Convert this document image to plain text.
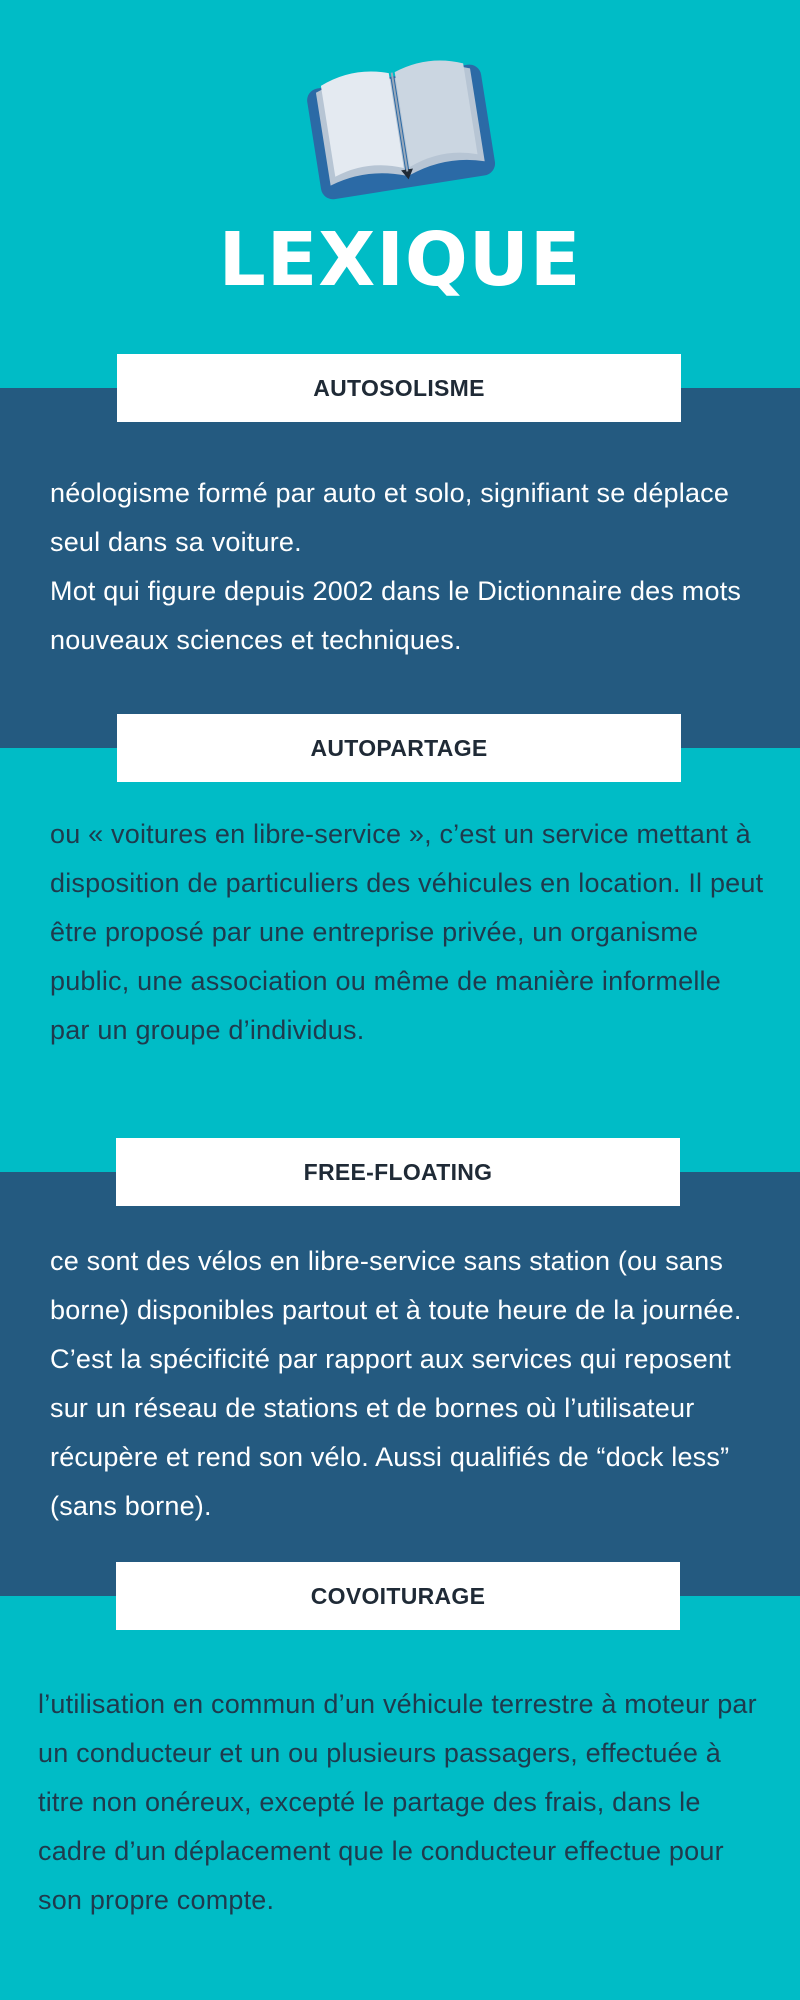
LEXIQUE
AUTOSOLISME
AUTOPARTAGE
FREE-FLOATING
COVOITURAGE

néologisme formé par auto et solo, signifiant se déplace seul dans sa voiture.
Mot qui figure depuis 2002 dans le Dictionnaire des mots nouveaux sciences et techniques.

ou « voitures en libre-service », c’est un service mettant à disposition de particuliers des véhicules en location. Il peut être proposé par une entreprise privée, un organisme public, une association ou même de manière informelle par un groupe d’individus.

ce sont des vélos en libre-service sans station (ou sans borne) disponibles partout et à toute heure de la journée. C’est la spécificité par rapport aux services qui reposent sur un réseau de stations et de bornes où l’utilisateur récupère et rend son vélo. Aussi qualifiés de “dock less” (sans borne).

l’utilisation en commun d’un véhicule terrestre à moteur par un conducteur et un ou plusieurs passagers, effectuée à titre non onéreux, excepté le partage des frais, dans le cadre d’un déplacement que le conducteur effectue pour son propre compte.
